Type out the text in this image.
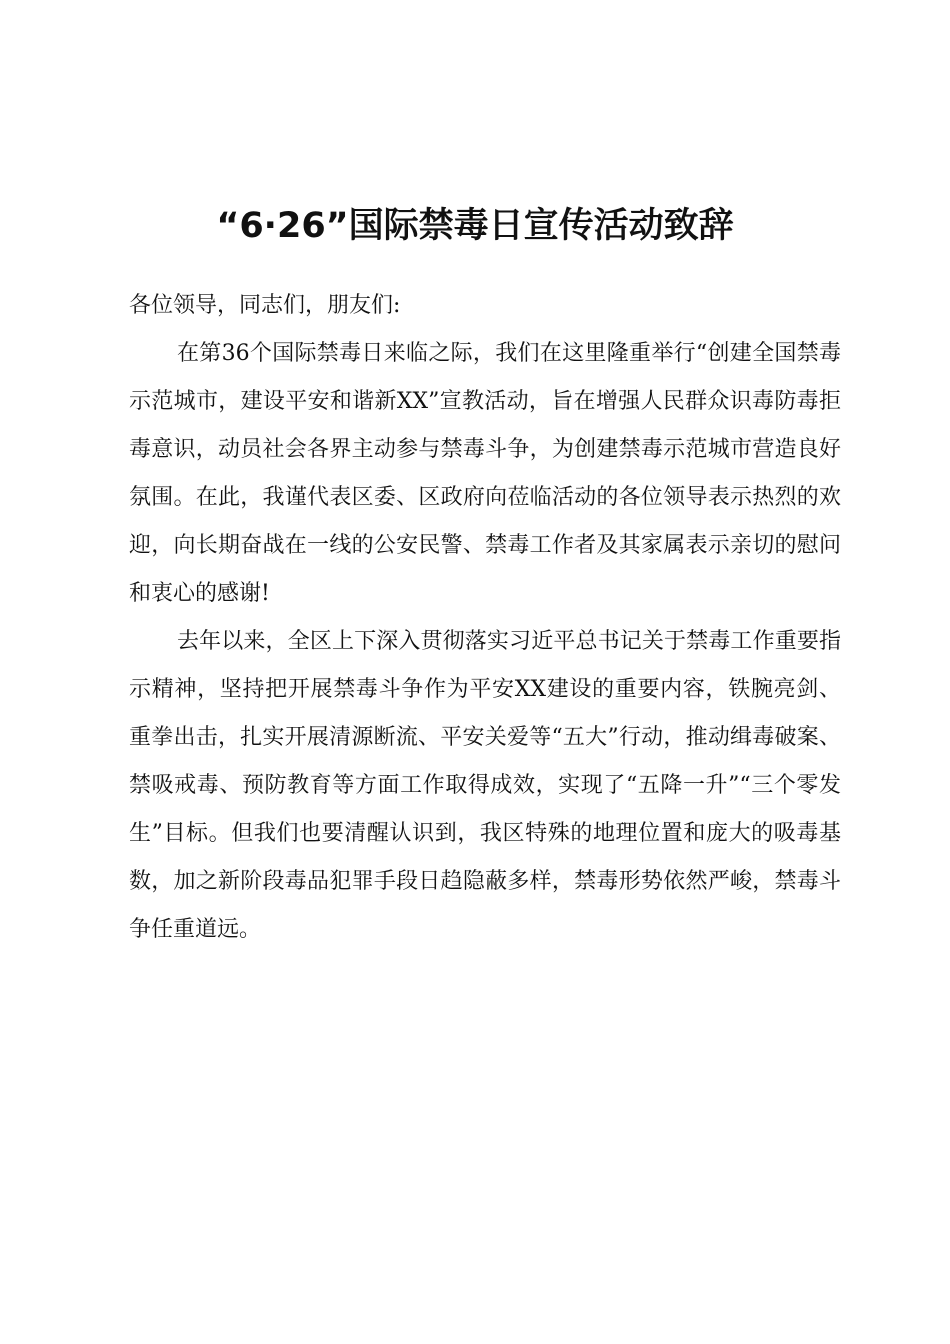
“6·26”国际禁毒日宣传活动致辞

各位领导，同志们，朋友们:

在第36个国际禁毒日来临之际，我们在这里隆重举行“创建全国禁毒示范城市，建设平安和谐新XX”宣教活动，旨在增强人民群众识毒防毒拒毒意识，动员社会各界主动参与禁毒斗争，为创建禁毒示范城市营造良好氛围。在此，我谨代表区委、区政府向莅临活动的各位领导表示热烈的欢迎，向长期奋战在一线的公安民警、禁毒工作者及其家属表示亲切的慰问和衷心的感谢!

去年以来，全区上下深入贯彻落实习近平总书记关于禁毒工作重要指示精神，坚持把开展禁毒斗争作为平安XX建设的重要内容，铁腕亮剑、重拳出击，扎实开展清源断流、平安关爱等“五大”行动，推动缉毒破案、禁吸戒毒、预防教育等方面工作取得成效，实现了“五降一升”“三个零发生”目标。但我们也要清醒认识到，我区特殊的地理位置和庞大的吸毒基数，加之新阶段毒品犯罪手段日趋隐蔽多样，禁毒形势依然严峻，禁毒斗争任重道远。
